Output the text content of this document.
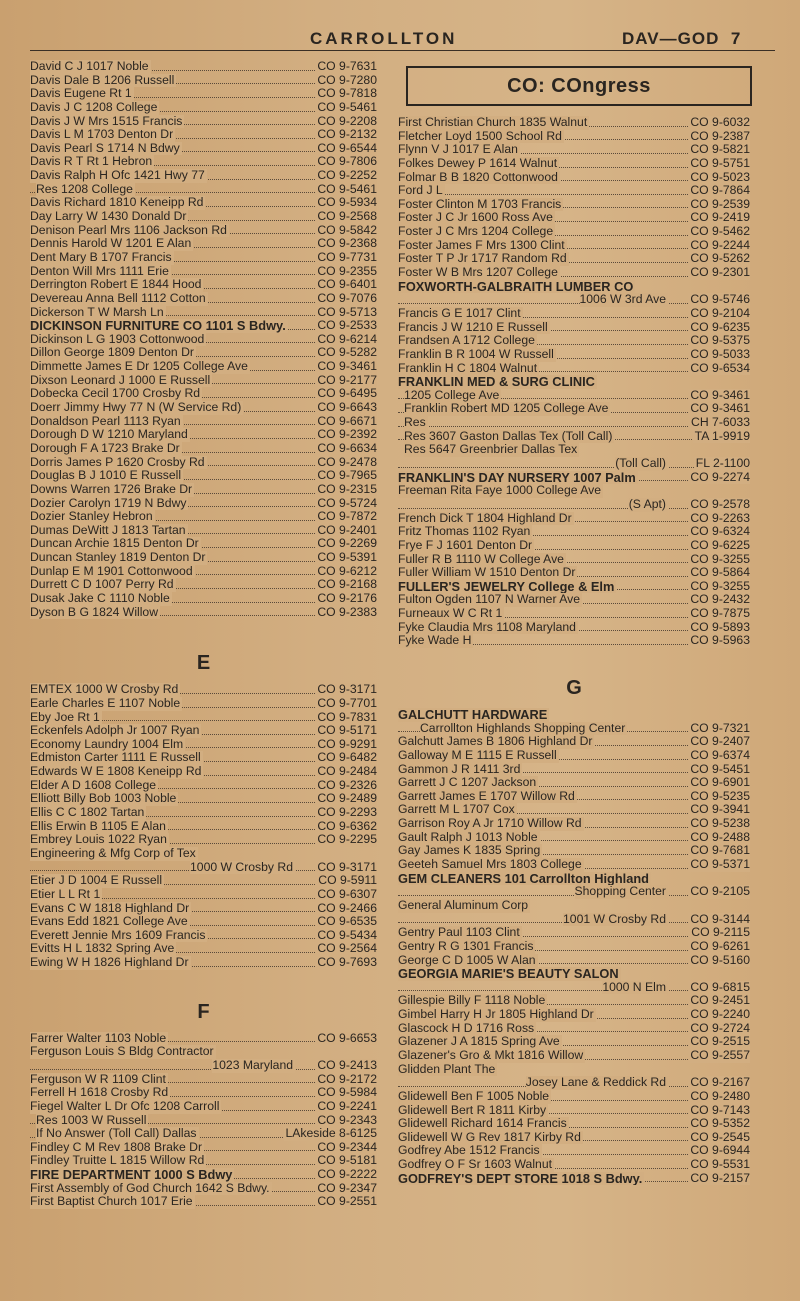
CARROLLTON	DAV—GOD 7
David C J 1017 Noble	CO 9-7631
Davis Dale B 1206 Russell	CO 9-7280
Davis Eugene Rt 1	CO 9-7818
Davis J C 1208 College	CO 9-5461
Davis J W Mrs 1515 Francis	CO 9-2208
Davis L M 1703 Denton Dr	CO 9-2132
Davis Pearl S 1714 N Bdwy	CO 9-6544
Davis R T Rt 1 Hebron	CO 9-7806
Davis Ralph H Ofc 1421 Hwy 77	CO 9-2252
Res 1208 College	CO 9-5461
Davis Richard 1810 Keneipp Rd	CO 9-5934
Day Larry W 1430 Donald Dr	CO 9-2568
Denison Pearl Mrs 1106 Jackson Rd	CO 9-5842
Dennis Harold W 1201 E Alan	CO 9-2368
Dent Mary B 1707 Francis	CO 9-7731
Denton Will Mrs 1111 Erie	CO 9-2355
Derrington Robert E 1844 Hood	CO 9-6401
Devereau Anna Bell 1112 Cotton	CO 9-7076
Dickerson T W Marsh Ln	CO 9-5713
DICKINSON FURNITURE CO 1101 S Bdwy.	CO 9-2533
Dickinson L G 1903 Cottonwood	CO 9-6214
Dillon George 1809 Denton Dr	CO 9-5282
Dimmette James E Dr 1205 College Ave	CO 9-3461
Dixson Leonard J 1000 E Russell	CO 9-2177
Dobecka Cecil 1700 Crosby Rd	CO 9-6495
Doerr Jimmy Hwy 77 N (W Service Rd)	CO 9-6643
Donaldson Pearl 1113 Ryan	CO 9-6671
Dorough D W 1210 Maryland	CO 9-2392
Dorough F A 1723 Brake Dr	CO 9-6634
Dorris James P 1620 Crosby Rd	CO 9-2478
Douglas B J 1010 E Russell	CO 9-7965
Downs Warren 1726 Brake Dr	CO 9-2315
Dozier Carolyn 1719 N Bdwy	CO 9-5724
Dozier Stanley Hebron	CO 9-7872
Dumas DeWitt J 1813 Tartan	CO 9-2401
Duncan Archie 1815 Denton Dr	CO 9-2269
Duncan Stanley 1819 Denton Dr	CO 9-5391
Dunlap E M 1901 Cottonwood	CO 9-6212
Durrett C D 1007 Perry Rd	CO 9-2168
Dusak Jake C 1110 Noble	CO 9-2176
Dyson B G 1824 Willow	CO 9-2383
E
EMTEX 1000 W Crosby Rd	CO 9-3171
Earle Charles E 1107 Noble	CO 9-7701
Eby Joe Rt 1	CO 9-7831
Eckenfels Adolph Jr 1007 Ryan	CO 9-5171
Economy Laundry 1004 Elm	CO 9-9291
Edmiston Carter 1111 E Russell	CO 9-6482
Edwards W E 1808 Keneipp Rd	CO 9-2484
Elder A D 1608 College	CO 9-2326
Elliott Billy Bob 1003 Noble	CO 9-2489
Ellis C C 1802 Tartan	CO 9-2293
Ellis Erwin B 1105 E Alan	CO 9-6362
Embrey Louis 1022 Ryan	CO 9-2295
Engineering & Mfg Corp of Tex
1000 W Crosby Rd CO 9-3171
Etier J D 1004 E Russell	CO 9-5911
Etier L L Rt 1	CO 9-6307
Evans C W 1818 Highland Dr	CO 9-2466
Evans Edd 1821 College Ave	CO 9-6535
Everett Jennie Mrs 1609 Francis	CO 9-5434
Evitts H L 1832 Spring Ave	CO 9-2564
Ewing W H 1826 Highland Dr	CO 9-7693
F
Farrer Walter 1103 Noble	CO 9-6653
Ferguson Louis S Bldg Contractor
1023 Maryland CO 9-2413
Ferguson W R 1109 Clint	CO 9-2172
Ferrell H 1618 Crosby Rd	CO 9-5984
Fiegel Walter L Dr Ofc 1208 Carroll	CO 9-2241
Res 1003 W Russell	CO 9-2343
If No Answer (Toll Call) Dallas	LAkeside 8-6125
Findley C M Rev 1808 Brake Dr	CO 9-2344
Findley Truitte L 1815 Willow Rd	CO 9-5181
FIRE DEPARTMENT 1000 S Bdwy	CO 9-2222
First Assembly of God Church 1642 S Bdwy.	CO 9-2347
First Baptist Church 1017 Erie	CO 9-2551
CO: COngress
First Christian Church 1835 Walnut	CO 9-6032
Fletcher Loyd 1500 School Rd	CO 9-2387
Flynn V J 1017 E Alan	CO 9-5821
Folkes Dewey P 1614 Walnut	CO 9-5751
Folmar B B 1820 Cottonwood	CO 9-5023
Ford J L	CO 9-7864
Foster Clinton M 1703 Francis	CO 9-2539
Foster J C Jr 1600 Ross Ave	CO 9-2419
Foster J C Mrs 1204 College	CO 9-5462
Foster James F Mrs 1300 Clint	CO 9-2244
Foster T P Jr 1717 Random Rd	CO 9-5262
Foster W B Mrs 1207 College	CO 9-2301
FOXWORTH-GALBRAITH LUMBER CO
1006 W 3rd Ave CO 9-5746
Francis G E 1017 Clint	CO 9-2104
Francis J W 1210 E Russell	CO 9-6235
Frandsen A 1712 College	CO 9-5375
Franklin B R 1004 W Russell	CO 9-5033
Franklin H C 1804 Walnut	CO 9-6534
FRANKLIN MED & SURG CLINIC
1205 College Ave	CO 9-3461
Franklin Robert MD 1205 College Ave	CO 9-3461
Res	CH 7-6033
Res 3607 Gaston Dallas Tex (Toll Call)	TA 1-9919
Res 5647 Greenbrier Dallas Tex
(Toll Call) FL 2-1100
FRANKLIN'S DAY NURSERY 1007 Palm	CO 9-2274
Freeman Rita Faye 1000 College Ave
(S Apt) CO 9-2578
French Dick T 1804 Highland Dr	CO 9-2263
Fritz Thomas 1102 Ryan	CO 9-6324
Frye F J 1601 Denton Dr	CO 9-6225
Fuller R B 1110 W College Ave	CO 9-3255
Fuller William W 1510 Denton Dr	CO 9-5864
FULLER'S JEWELRY College & Elm	CO 9-3255
Fulton Ogden 1107 N Warner Ave	CO 9-2432
Furneaux W C Rt 1	CO 9-7875
Fyke Claudia Mrs 1108 Maryland	CO 9-5893
Fyke Wade H	CO 9-5963
G
GALCHUTT HARDWARE
Carrollton Highlands Shopping Center	CO 9-7321
Galchutt James B 1806 Highland Dr	CO 9-2407
Galloway M E 1115 E Russell	CO 9-6374
Gammon J R 1411 3rd	CO 9-5451
Garrett J C 1207 Jackson	CO 9-6901
Garrett James E 1707 Willow Rd	CO 9-5235
Garrett M L 1707 Cox	CO 9-3941
Garrison Roy A Jr 1710 Willow Rd	CO 9-5238
Gault Ralph J 1013 Noble	CO 9-2488
Gay James K 1835 Spring	CO 9-7681
Geeteh Samuel Mrs 1803 College	CO 9-5371
GEM CLEANERS 101 Carrollton Highland
Shopping Center CO 9-2105
General Aluminum Corp
1001 W Crosby Rd CO 9-3144
Gentry Paul 1103 Clint	CO 9-2115
Gentry R G 1301 Francis	CO 9-6261
George C D 1005 W Alan	CO 9-5160
GEORGIA MARIE'S BEAUTY SALON
1000 N Elm CO 9-6815
Gillespie Billy F 1118 Noble	CO 9-2451
Gimbel Harry H Jr 1805 Highland Dr	CO 9-2240
Glascock H D 1716 Ross	CO 9-2724
Glazener J A 1815 Spring Ave	CO 9-2515
Glazener's Gro & Mkt 1816 Willow	CO 9-2557
Glidden Plant The
Josey Lane & Reddick Rd CO 9-2167
Glidewell Ben F 1005 Noble	CO 9-2480
Glidewell Bert R 1811 Kirby	CO 9-7143
Glidewell Richard 1614 Francis	CO 9-5352
Glidewell W G Rev 1817 Kirby Rd	CO 9-2545
Godfrey Abe 1512 Francis	CO 9-6944
Godfrey O F Sr 1603 Walnut	CO 9-5531
GODFREY'S DEPT STORE 1018 S Bdwy.	CO 9-2157
